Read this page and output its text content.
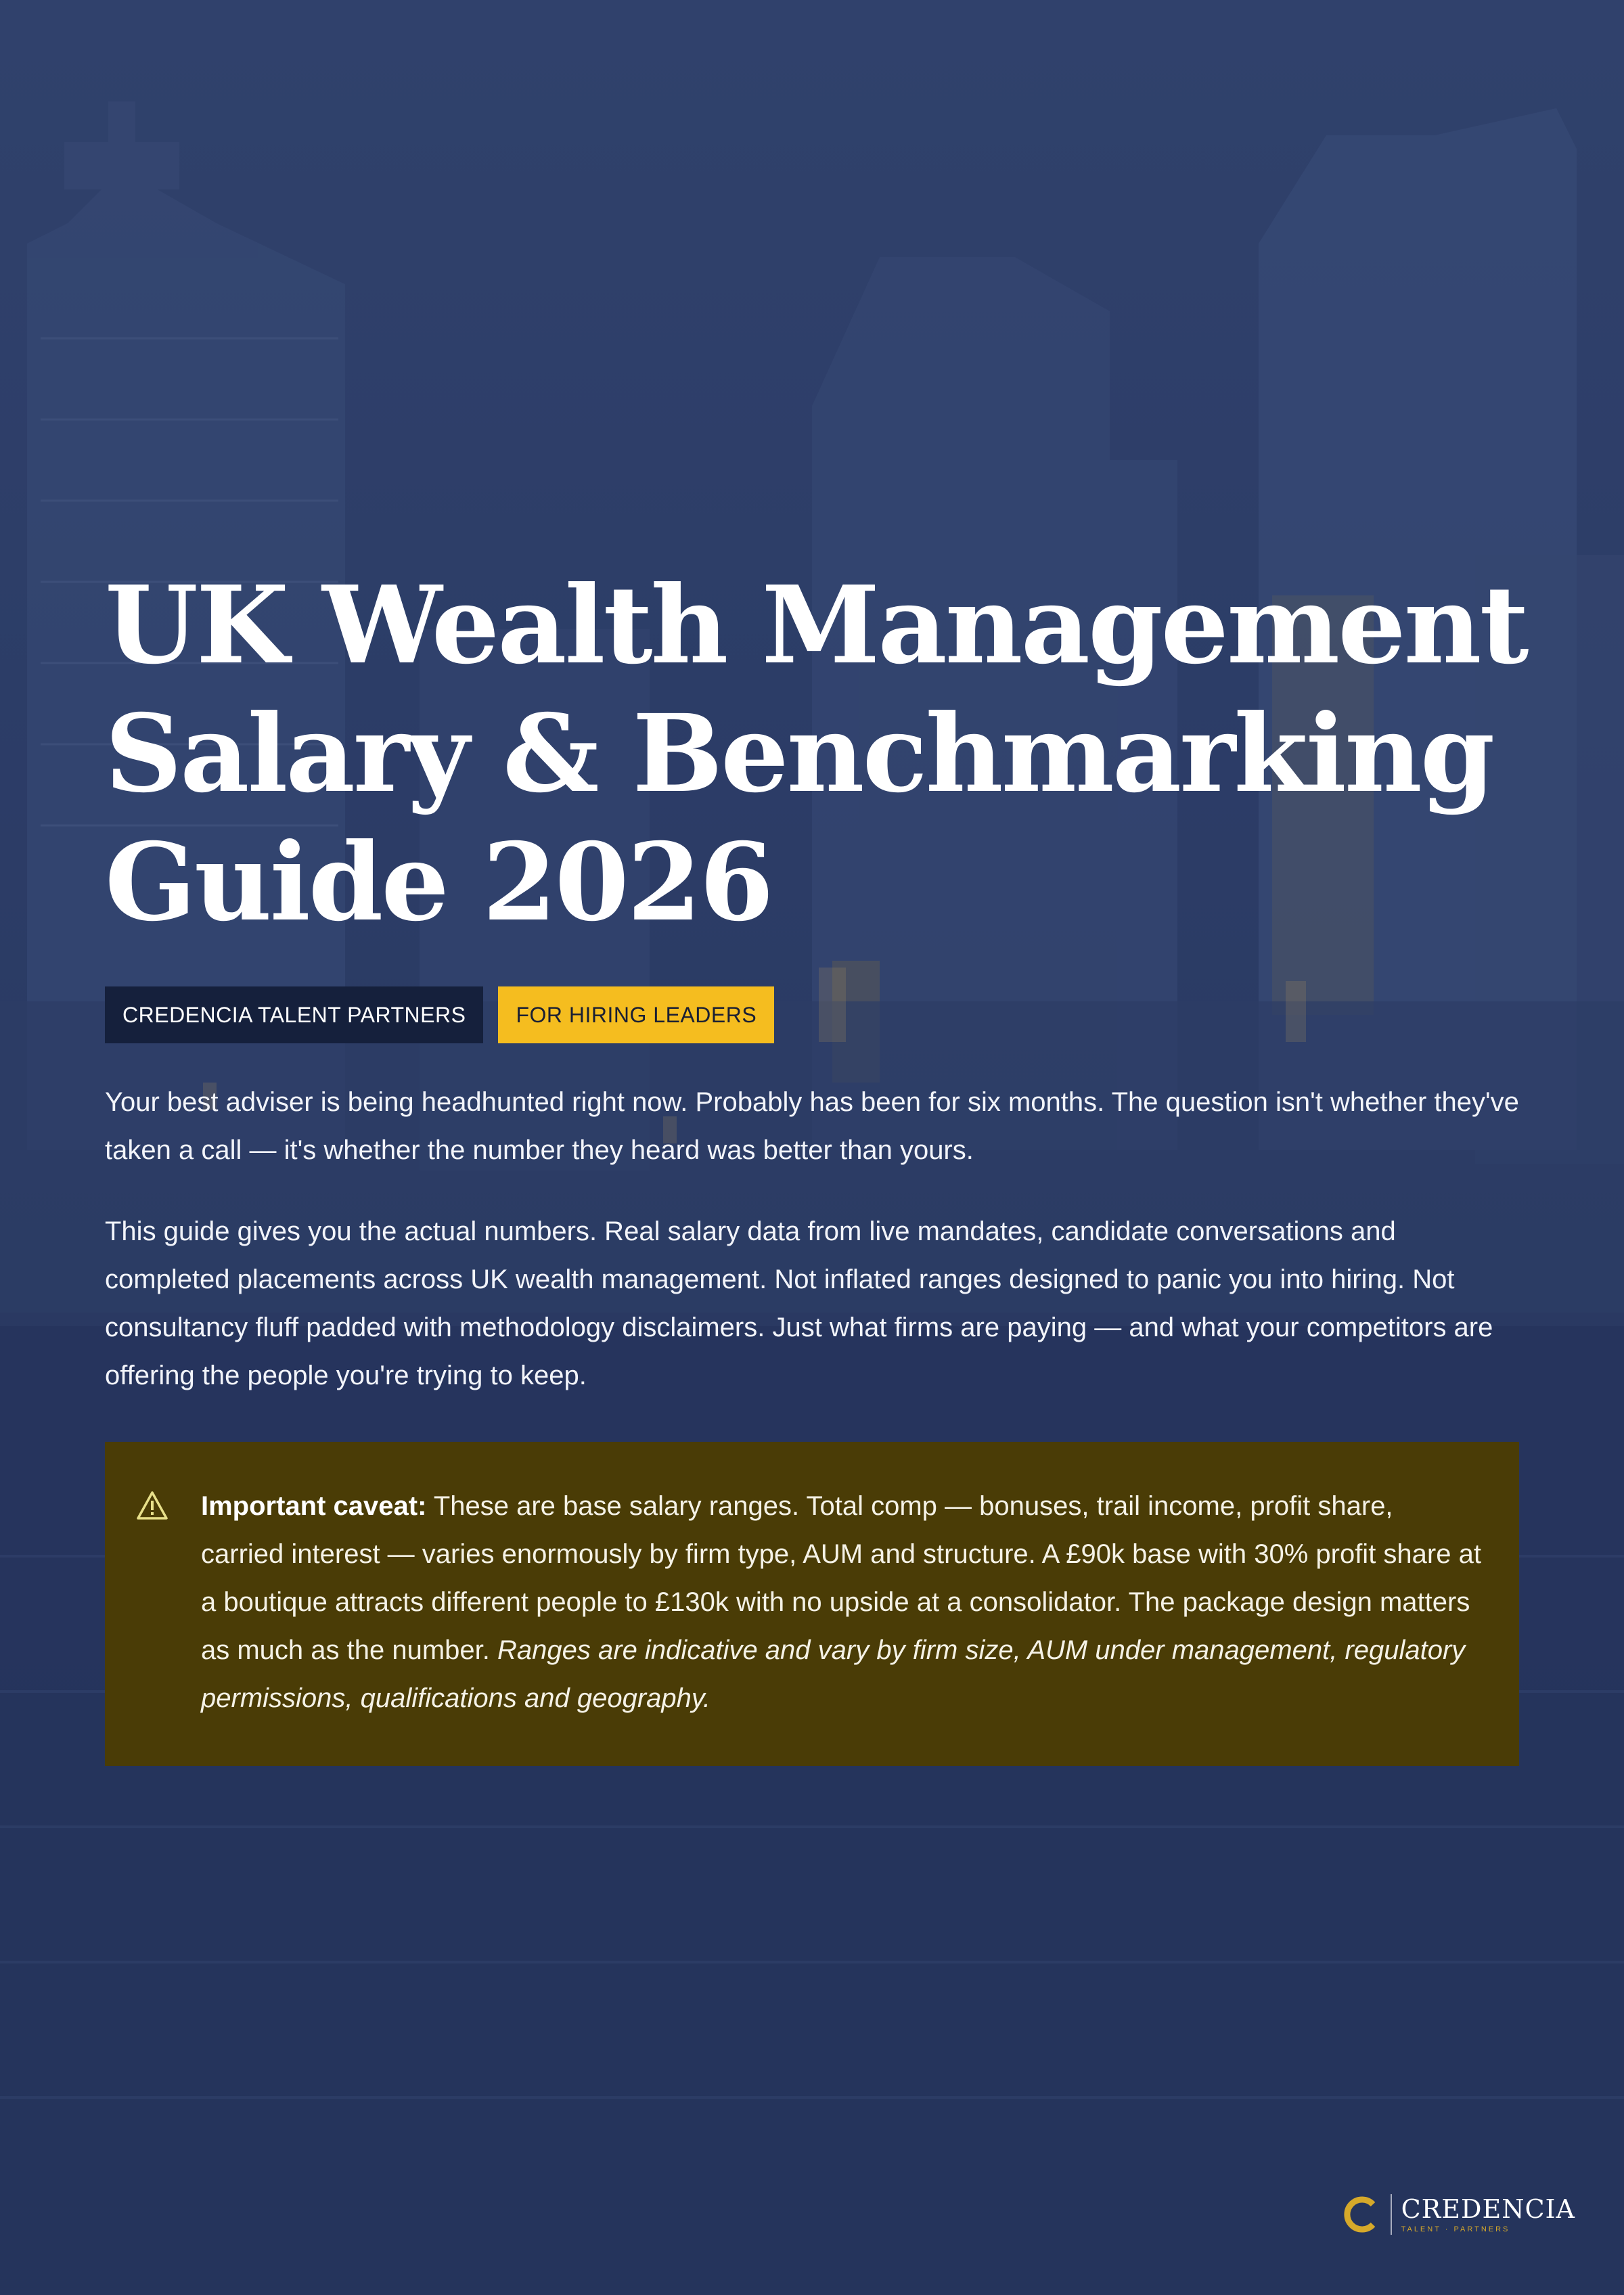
UK Wealth Management
Salary & Benchmarking
Guide 2026
CREDENCIA TALENT PARTNERS	FOR HIRING LEADERS

Your best adviser is being headhunted right now. Probably has been for six months. The question isn't whether they've taken a call — it's whether the number they heard was better than yours.

This guide gives you the actual numbers. Real salary data from live mandates, candidate conversations and completed placements across UK wealth management. Not inflated ranges designed to panic you into hiring. Not consultancy fluff padded with methodology disclaimers. Just what firms are paying — and what your competitors are offering the people you're trying to keep.

Important caveat: These are base salary ranges. Total comp — bonuses, trail income, profit share, carried interest — varies enormously by firm type, AUM and structure. A £90k base with 30% profit share at a boutique attracts different people to £130k with no upside at a consolidator. The package design matters as much as the number. Ranges are indicative and vary by firm size, AUM under management, regulatory permissions, qualifications and geography.

CREDENCIA
TALENT · PARTNERS
